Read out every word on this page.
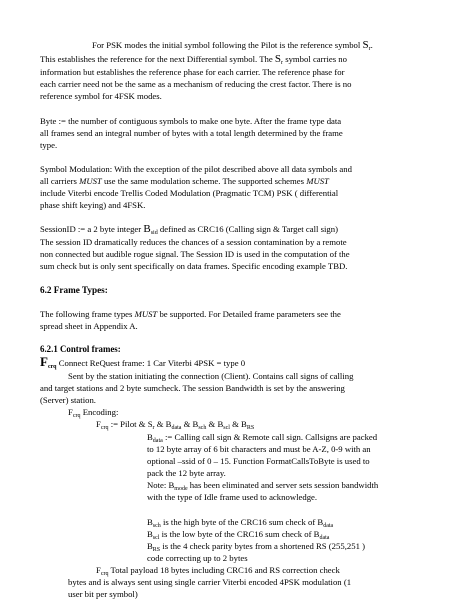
For PSK modes the initial symbol following the Pilot is the reference symbol $S_r$.
This establishes the reference for the next Differential symbol. The $S_r$ symbol carries no
information but establishes the reference phase for each carrier. The reference phase for
each carrier need not be the same as a mechanism of reducing the crest factor. There is no
reference symbol for 4FSK modes.
Byte := the number of contiguous symbols to make one byte. After the frame type data
all frames send an integral number of bytes with a total length determined by the frame
type.
Symbol Modulation: With the exception of the pilot described above all data symbols and
all carriers MUST use the same modulation scheme. The supported schemes MUST
include Viterbi encode Trellis Coded Modulation (Pragmatic TCM) PSK ( differential
phase shift keying) and 4FSK.
SessionID := a 2 byte integer $B_{sid}$ defined as CRC16 (Calling sign & Target call sign)
The session ID dramatically reduces the chances of a session contamination by a remote
non connected but audible rogue signal. The Session ID is used in the computation of the
sum check but is only sent specifically on data frames. Specific encoding example TBD.
6.2 Frame Types:
The following frame types MUST be supported. For Detailed frame parameters see the
spread sheet in Appendix A.
6.2.1 Control frames:
$F_{crq}$ Connect ReQuest frame: 1 Car Viterbi 4PSK = type 0
Sent by the station initiating the connection (Client). Contains call signs of calling
and target stations and 2 byte sumcheck. The session Bandwidth is set by the answering
(Server) station.
$F_{crq}$ Encoding:
$F_{crq}$ := Pilot & $S_r$ & $B_{data}$ & $B_{sch}$ & $B_{scl}$ & $B_{RS}$
$B_{data}$ := Calling call sign & Remote call sign. Callsigns are packed
to 12 byte array of 6 bit characters and must be A-Z, 0-9 with an
optional –ssid of 0 – 15. Function FormatCallsToByte is used to
pack the 12 byte array.
Note: $B_{mode}$ has been eliminated and server sets session bandwidth
with the type of Idle frame used to acknowledge.
$B_{sch}$ is the high byte of the CRC16 sum check of $B_{data}$
$B_{scl}$ is the low byte of the CRC16 sum check of $B_{data}$
$B_{RS}$ is the 4 check parity bytes from a shortened RS (255,251 )
code correcting up to 2 bytes
$F_{crq}$ Total payload 18 bytes including CRC16 and RS correction check
bytes and is always sent using single carrier Viterbi encoded 4PSK modulation (1
user bit per symbol)
